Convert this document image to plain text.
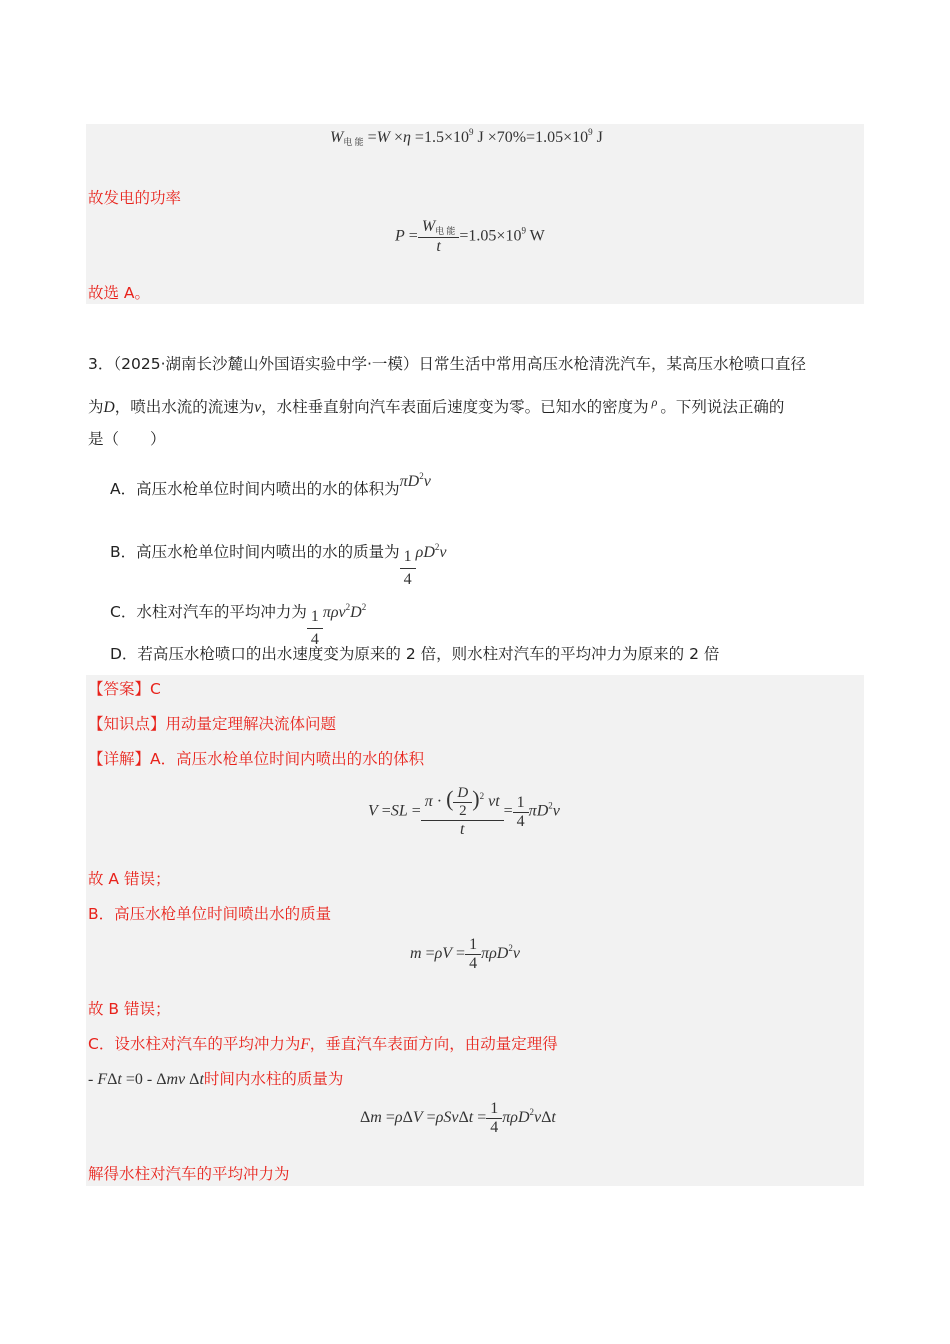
$W_{电 能} =W \times\eta =1.5\times 10^9$ $J \times 70\%=1.05\times 10^9$ J
故发电的功率
$P = \frac{W_{电 能}}{t} =1.05\times 10^9$ W
故选 A。
3．（2025·湖南长沙麓山外国语实验中学·一模）日常生活中常用高压水枪清洗汽车，某高压水枪喷口直径
为D，喷出水流的流速为v，水柱垂直射向汽车表面后速度变为零。已知水的密度为 $^\rho$ 。下列说法正确的
是（　　）
A．高压水枪单位时间内喷出的水的体积为$\pi D^2v$
B．高压水枪单位时间内喷出的水的质量为 $\frac{1}{4} \rho D^2v$
C．水柱对汽车的平均冲力为 $\frac{1}{4} \pi\rho v^2D^2$
D．若高压水枪喷口的出水速度变为原来的 2 倍，则水柱对汽车的平均冲力为原来的 2 倍
【答案】C
【知识点】用动量定理解决流体问题
【详解】A．高压水枪单位时间内喷出的水的体积
$V =SL = \frac{\pi \cdot ( \frac{D}{2} )^2 vt}{t} = \frac{1}{4} \pi D^2v$
故 A 错误；
B．高压水枪单位时间喷出水的质量
$m =\rho V = \frac{1}{4} \pi\rho D^2v$
故 B 错误；
C．设水柱对汽车的平均冲力为F，垂直汽车表面方向，由动量定理得
- FΔt =0 - Δmv Δt时间内水柱的质量为
$\Delta m =\rho\Delta V =\rho Sv\Delta t = \frac{1}{4} \pi\rho D^2v\Delta t$
解得水柱对汽车的平均冲力为
